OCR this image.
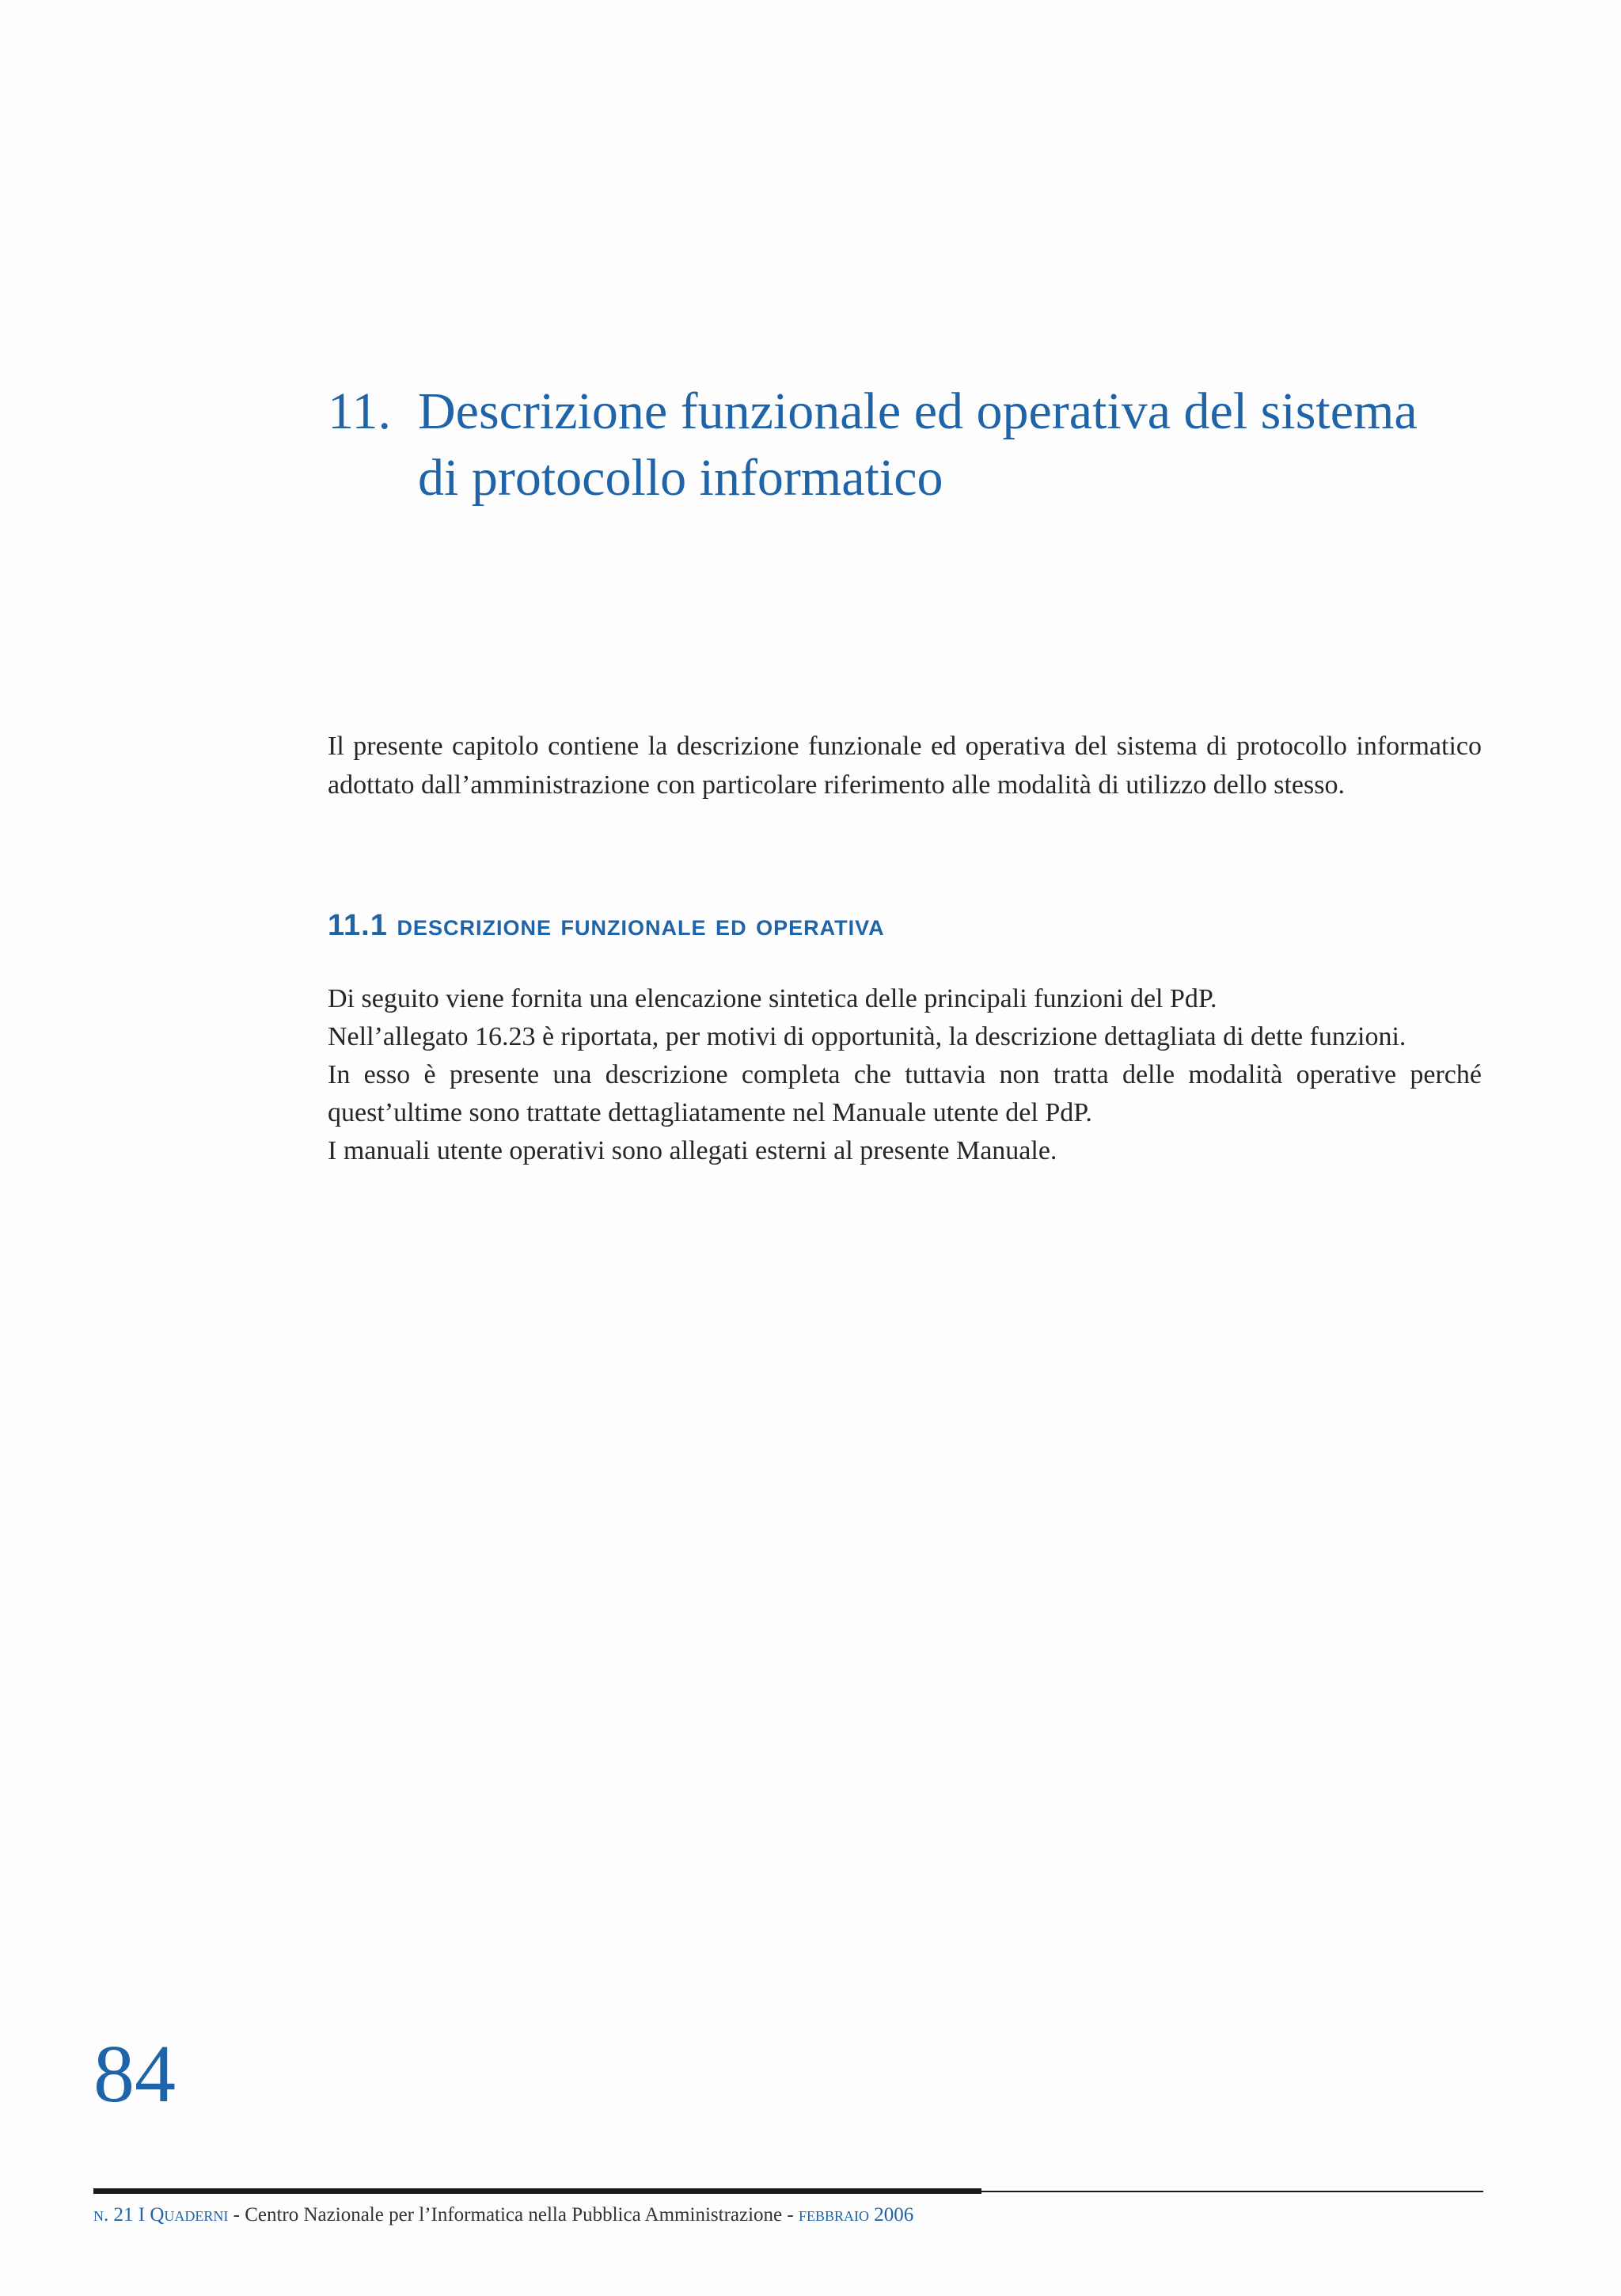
11. Descrizione funzionale ed operativa del sistema
di protocollo informatico

Il presente capitolo contiene la descrizione funzionale ed operativa del sistema di protocollo informatico adottato dall’amministrazione con particolare riferimento alle modalità di utilizzo dello stesso.

11.1 descrizione funzionale ed operativa

Di seguito viene fornita una elencazione sintetica delle principali funzioni del PdP.

Nell’allegato 16.23 è riportata, per motivi di opportunità, la descrizione dettagliata di dette funzioni.

In esso è presente una descrizione completa che tuttavia non tratta delle modalità operative perché quest’ultime sono trattate dettagliatamente nel Manuale utente del PdP.

I manuali utente operativi sono allegati esterni al presente Manuale.

84
n. 21 I Quaderni - Centro Nazionale per l’Informatica nella Pubblica Amministrazione - febbraio 2006
